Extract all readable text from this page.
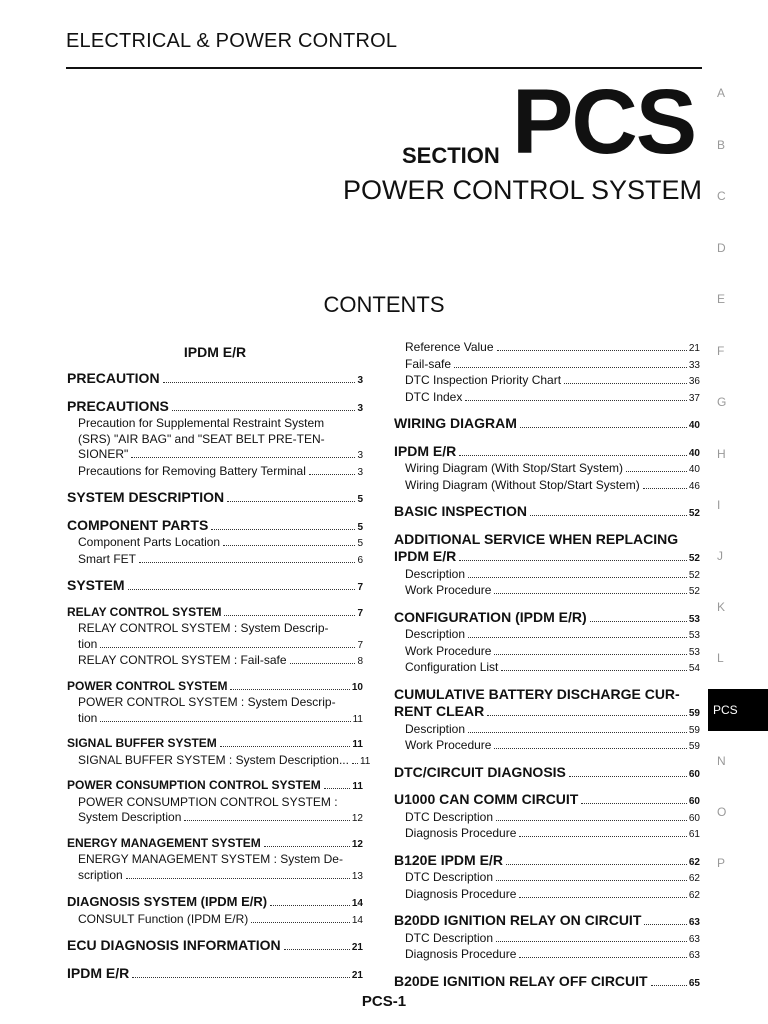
ELECTRICAL & POWER CONTROL
SECTION PCS
POWER CONTROL SYSTEM
CONTENTS
IPDM E/R
PRECAUTION	3
PRECAUTIONS	3
Precaution for Supplemental Restraint System
(SRS) "AIR BAG" and "SEAT BELT PRE-TEN-
SIONER"	3
Precautions for Removing Battery Terminal	3
SYSTEM DESCRIPTION	5
COMPONENT PARTS	5
Component Parts Location	5
Smart FET	6
SYSTEM	7
RELAY CONTROL SYSTEM	7
RELAY CONTROL SYSTEM : System Descrip-
tion	7
RELAY CONTROL SYSTEM : Fail-safe	8
POWER CONTROL SYSTEM	10
POWER CONTROL SYSTEM : System Descrip-
tion	11
SIGNAL BUFFER SYSTEM	11
SIGNAL BUFFER SYSTEM : System Description... 11
POWER CONSUMPTION CONTROL SYSTEM	11
POWER CONSUMPTION CONTROL SYSTEM :
System Description	12
ENERGY MANAGEMENT SYSTEM	12
ENERGY MANAGEMENT SYSTEM : System De-
scription	13
DIAGNOSIS SYSTEM (IPDM E/R)	14
CONSULT Function (IPDM E/R)	14
ECU DIAGNOSIS INFORMATION	21
IPDM E/R	21
Reference Value	21
Fail-safe	33
DTC Inspection Priority Chart	36
DTC Index	37
WIRING DIAGRAM	40
IPDM E/R	40
Wiring Diagram (With Stop/Start System)	40
Wiring Diagram (Without Stop/Start System)	46
BASIC INSPECTION	52
ADDITIONAL SERVICE WHEN REPLACING
IPDM E/R	52
Description	52
Work Procedure	52
CONFIGURATION (IPDM E/R)	53
Description	53
Work Procedure	53
Configuration List	54
CUMULATIVE BATTERY DISCHARGE CUR-
RENT CLEAR	59
Description	59
Work Procedure	59
DTC/CIRCUIT DIAGNOSIS	60
U1000 CAN COMM CIRCUIT	60
DTC Description	60
Diagnosis Procedure	61
B120E IPDM E/R	62
DTC Description	62
Diagnosis Procedure	62
B20DD IGNITION RELAY ON CIRCUIT	63
DTC Description	63
Diagnosis Procedure	63
B20DE IGNITION RELAY OFF CIRCUIT	65
A
B
C
D
E
F
G
H
I
J
K
L
N
O
P
PCS
PCS-1
